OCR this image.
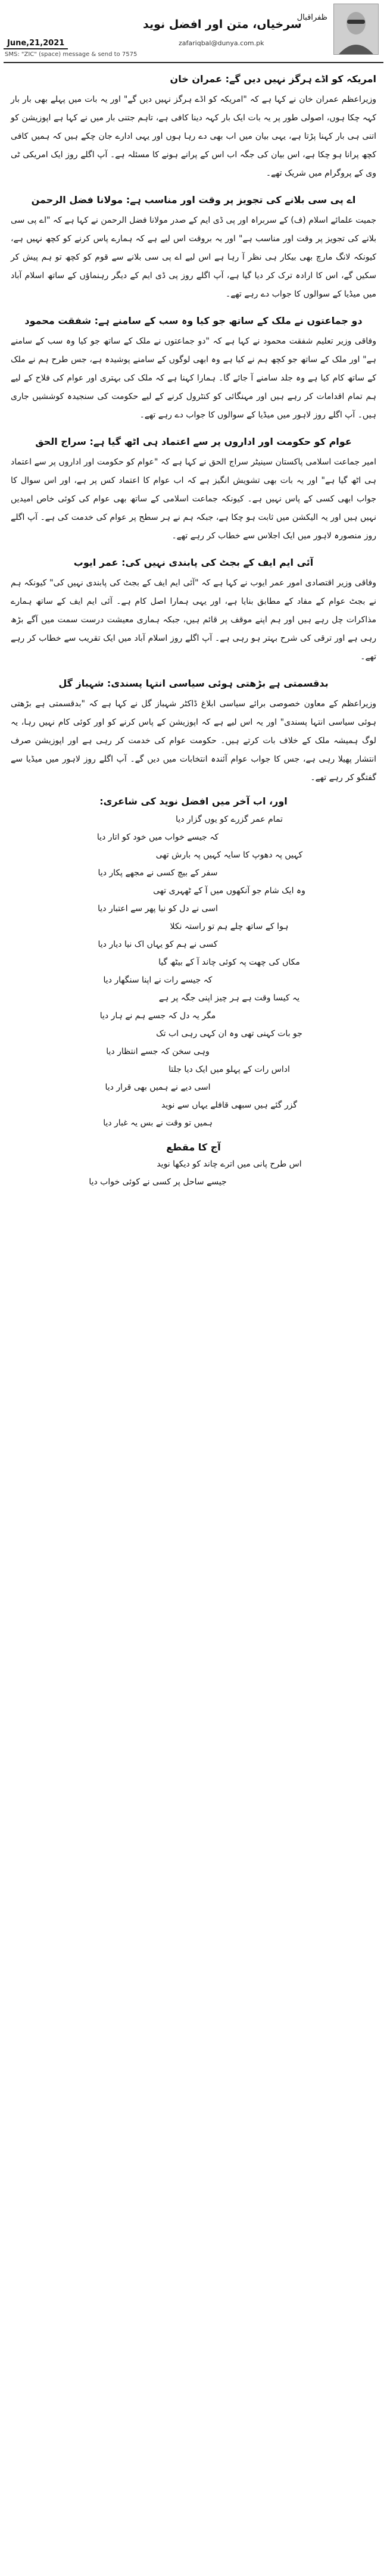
ظفراقبال
سرخیاں، متن اور افضل نوید
June,21,2021	zafariqbal@dunya.com.pk
SMS: "ZIC" (space) message & send to 7575
امریکہ کو اڈے ہرگز نہیں دیں گے: عمران خان
وزیراعظم عمران خان نے کہا ہے کہ "امریکہ کو اڈے ہرگز نہیں دیں گے" اور یہ بات میں پہلے بھی بار بار کہہ چکا ہوں، اصولی طور پر یہ بات ایک بار کہہ دینا کافی ہے، تاہم جتنی بار میں نے کہا ہے اپوزیشن کو اتنی ہی بار کہنا پڑتا ہے، یہی بیان میں اب بھی دے رہا ہوں اور یہی ادارے جان چکے ہیں کہ ہمیں کافی کچھ پرانا ہو چکا ہے، اس بیان کی جگہ اب اس کے پرانے ہونے کا مسئلہ ہے۔ آپ اگلے روز ایک امریکی ٹی وی کے پروگرام میں شریک تھے۔
اے پی سی بلانے کی تجویز پر وقت اور مناسب ہے: مولانا فضل الرحمن
جمیت علمائے اسلام (ف) کے سربراہ اور پی ڈی ایم کے صدر مولانا فضل الرحمن نے کہا ہے کہ "اے پی سی بلانے کی تجویز پر وقت اور مناسب ہے" اور یہ بروقت اس لیے ہے کہ ہمارے پاس کرنے کو کچھ نہیں ہے، کیونکہ لانگ مارچ بھی بیکار ہی نظر آ رہا ہے اس لیے اے پی سی بلانے سے قوم کو کچھ تو ہم پیش کر سکیں گے، اس کا ارادہ ترک کر دیا گیا ہے، آپ اگلے روز پی ڈی ایم کے دیگر رہنماؤں کے ساتھ اسلام آباد میں میڈیا کے سوالوں کا جواب دے رہے تھے۔
دو جماعتوں نے ملک کے ساتھ جو کیا وہ سب کے سامنے ہے: شفقت محمود
وفاقی وزیر تعلیم شفقت محمود نے کہا ہے کہ "دو جماعتوں نے ملک کے ساتھ جو کیا وہ سب کے سامنے ہے" اور ملک کے ساتھ جو کچھ ہم نے کیا ہے وہ ابھی لوگوں کے سامنے پوشیدہ ہے، جس طرح ہم نے ملک کے ساتھ کام کیا ہے وہ جلد سامنے آ جائے گا۔ ہمارا کہنا ہے کہ ملک کی بہتری اور عوام کی فلاح کے لیے ہم تمام اقدامات کر رہے ہیں اور مہنگائی کو کنٹرول کرنے کے لیے حکومت کی سنجیدہ کوششیں جاری ہیں۔ آپ اگلے روز لاہور میں میڈیا کے سوالوں کا جواب دے رہے تھے۔
عوام کو حکومت اور اداروں پر سے اعتماد ہی اٹھ گیا ہے: سراج الحق
امیر جماعت اسلامی پاکستان سینیٹر سراج الحق نے کہا ہے کہ "عوام کو حکومت اور اداروں پر سے اعتماد ہی اٹھ گیا ہے" اور یہ بات بھی تشویش انگیز ہے کہ اب عوام کا اعتماد کس پر ہے، اور اس سوال کا جواب ابھی کسی کے پاس نہیں ہے۔ کیونکہ جماعت اسلامی کے ساتھ بھی عوام کی کوئی خاص امیدیں نہیں ہیں اور یہ الیکشن میں ثابت ہو چکا ہے، جبکہ ہم نے ہر سطح پر عوام کی خدمت کی ہے۔ آپ اگلے روز منصورہ لاہور میں ایک اجلاس سے خطاب کر رہے تھے۔
آئی ایم ایف کے بجٹ کی پابندی نہیں کی: عمر ایوب
وفاقی وزیر اقتصادی امور عمر ایوب نے کہا ہے کہ "آئی ایم ایف کے بجٹ کی پابندی نہیں کی" کیونکہ ہم نے بجٹ عوام کے مفاد کے مطابق بنایا ہے، اور یہی ہمارا اصل کام ہے۔ آئی ایم ایف کے ساتھ ہمارے مذاکرات چل رہے ہیں اور ہم اپنے موقف پر قائم ہیں، جبکہ ہماری معیشت درست سمت میں آگے بڑھ رہی ہے اور ترقی کی شرح بہتر ہو رہی ہے۔ آپ اگلے روز اسلام آباد میں ایک تقریب سے خطاب کر رہے تھے۔
بدقسمتی ہے بڑھتی ہوئی سیاسی انتہا پسندی: شہباز گل
وزیراعظم کے معاون خصوصی برائے سیاسی ابلاغ ڈاکٹر شہباز گل نے کہا ہے کہ "بدقسمتی ہے بڑھتی ہوئی سیاسی انتہا پسندی" اور یہ اس لیے ہے کہ اپوزیشن کے پاس کرنے کو اور کوئی کام نہیں رہا، یہ لوگ ہمیشہ ملک کے خلاف بات کرتے ہیں۔ حکومت عوام کی خدمت کر رہی ہے اور اپوزیشن صرف انتشار پھیلا رہی ہے، جس کا جواب عوام آئندہ انتخابات میں دیں گے۔ آپ اگلے روز لاہور میں میڈیا سے گفتگو کر رہے تھے۔
اور، اب آخر میں افضل نوید کی شاعری:
تمام عمر گزرے کو یوں گزار دیا
کہ جیسے خواب میں خود کو اتار دیا
کہیں پہ دھوپ کا سایہ کہیں پہ بارش تھی
سفر کے بیچ کسی نے مجھے پکار دیا
وہ ایک شام جو آنکھوں میں آ کے ٹھہری تھی
اسی نے دل کو نیا پھر سے اعتبار دیا
ہوا کے ساتھ چلے ہم تو راستہ نکلا
کسی نے ہم کو یہاں اک نیا دیار دیا
مکاں کی چھت پہ کوئی چاند آ کے بیٹھ گیا
کہ جیسے رات نے اپنا سنگھار دیا
یہ کیسا وقت ہے ہر چیز اپنی جگہ پر ہے
مگر یہ دل کہ جسے ہم نے ہار دیا
جو بات کہنی تھی وہ ان کہی رہی اب تک
وہی سخن کہ جسے انتظار دیا
اداس رات کے پہلو میں ایک دیا جلتا
اسی دیے نے ہمیں بھی قرار دیا
گزر گئے ہیں سبھی قافلے یہاں سے نوید
ہمیں تو وقت نے بس یہ غبار دیا
آج کا مقطع
اس طرح پانی میں اترے چاند کو دیکھا نوید
جیسے ساحل پر کسی نے کوئی خواب دیا
